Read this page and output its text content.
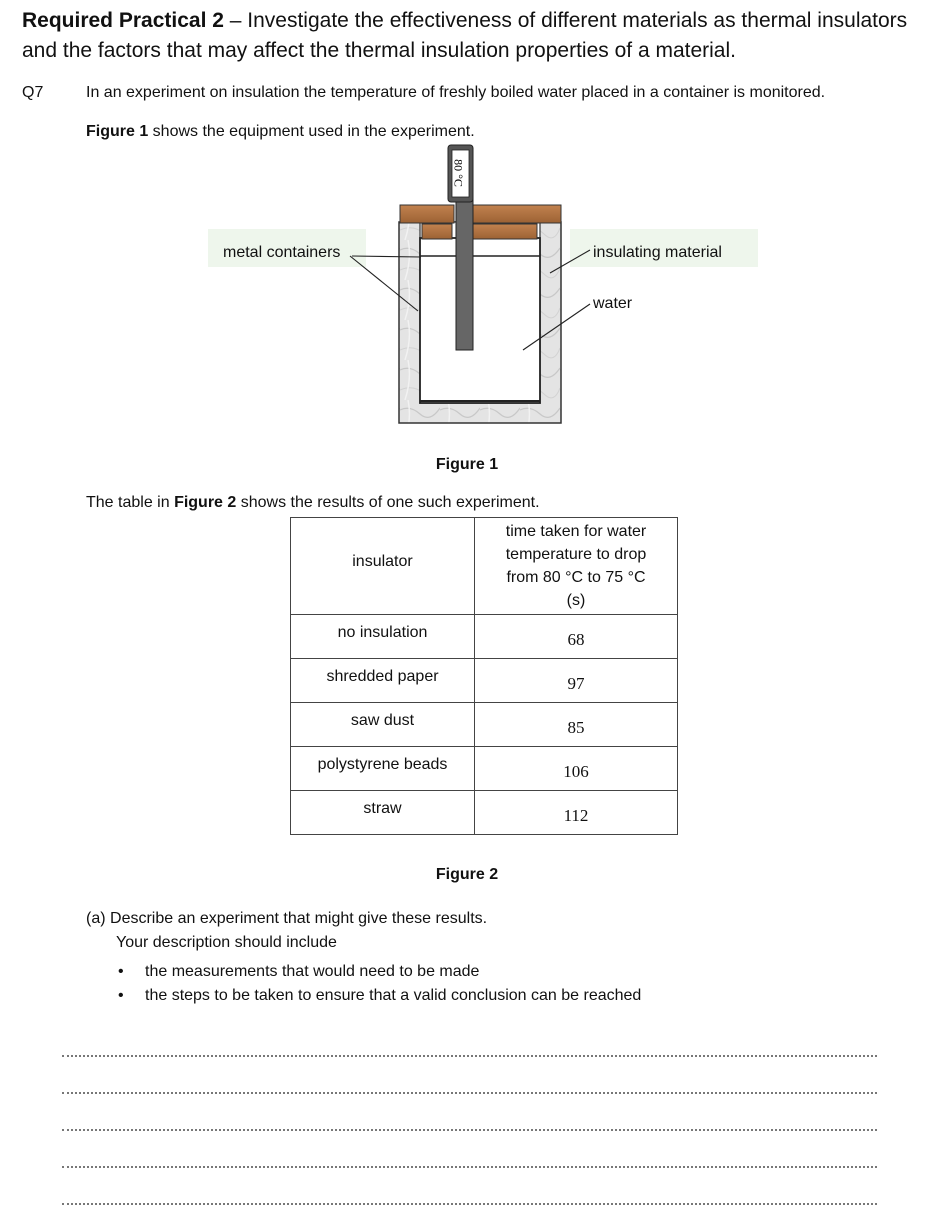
Required Practical 2 – Investigate the effectiveness of different materials as thermal insulators and the factors that may affect the thermal insulation properties of a material.
Q7	In an experiment on insulation the temperature of freshly boiled water placed in a container is monitored.
Figure 1 shows the equipment used in the experiment.
80 °C
metal containers	insulating material
water
Figure 1
The table in Figure 2 shows the results of one such experiment.
insulator	time taken for water
temperature to drop
from 80 °C to 75 °C
(s)

no insulation	68

shredded paper	97

saw dust	85

polystyrene beads	106

straw	112
Figure 2
(a) Describe an experiment that might give these results.
Your description should include
•	the measurements that would need to be made
•	the steps to be taken to ensure that a valid conclusion can be reached
